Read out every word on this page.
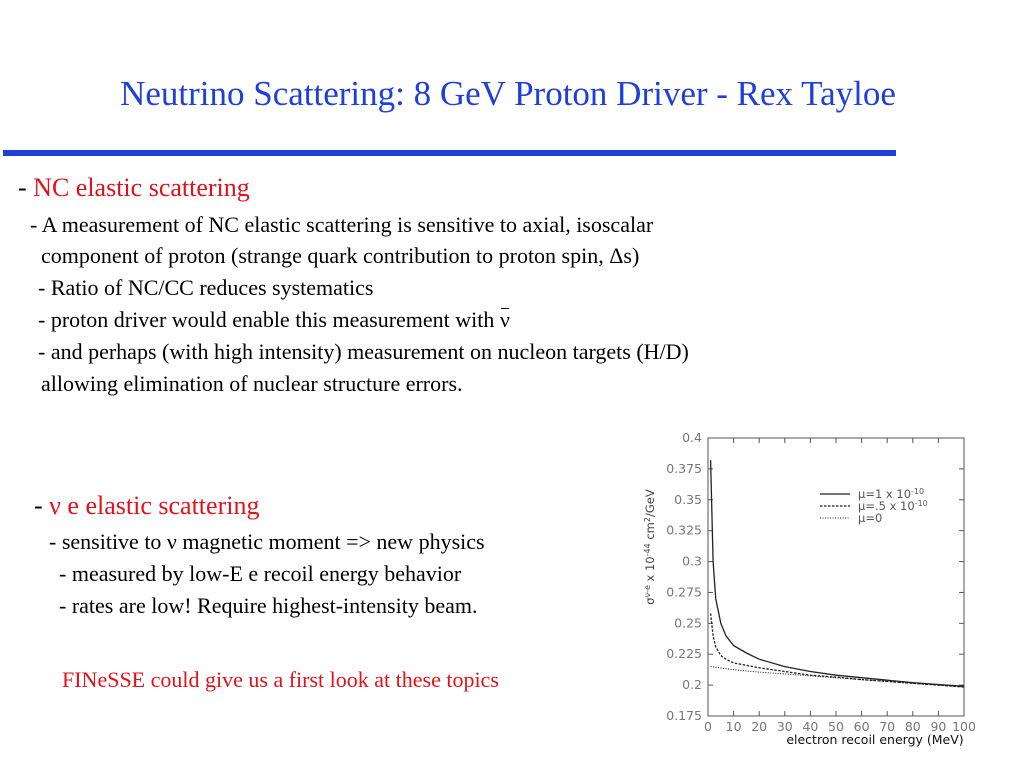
Neutrino Scattering: 8 GeV Proton Driver - Rex Tayloe
- NC elastic scattering
- A measurement of NC elastic scattering is sensitive to axial, isoscalar
component of proton (strange quark contribution to proton spin, Δs)
- Ratio of NC/CC reduces systematics
- proton driver would enable this measurement with ν
- and perhaps (with high intensity) measurement on nucleon targets (H/D)
allowing elimination of nuclear structure errors.
- ν e elastic scattering
- sensitive to ν magnetic moment => new physics
- measured by low-E e recoil energy behavior
- rates are low! Require highest-intensity beam.
FINeSSE could give us a first look at these topics
0.175
0.2
0.225
0.25
0.275
0.3
0.325
0.35
0.375
0.4
0 10 20 30 40 50 60 70 80 90 100
electron recoil energy (MeV)
$\sigma^{\nu-e}$ x $10^{-44}$ $cm^2$/GeV	μ=1 x $10^{-10}$
μ=.5 x $10^{-10}$
μ=0
